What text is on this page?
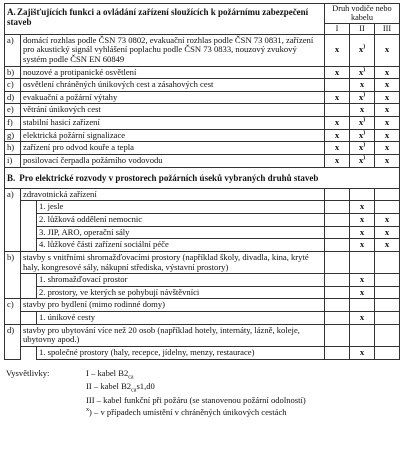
A.Zajišťujících funkci a ovládání zařízení sloužících k požárnímu zabezpečení staveb		Druh vodiče nebo kabelu		
		I	II	III
a)	domácí rozhlas podle ČSN 73 0802, evakuační rozhlas podle ČSN 73 0831, zařízení pro akustický signál vyhlášení poplachu podle ČSN 73 0833, nouzový zvukový systém podle ČSN EN 60849	x	x)	x
b)	nouzové a protipanické osvětlení	x	x)	x
c)	osvětlení chráněných únikových cest a zásahových cest		x	x
d)	evakuační a požární výtahy	x	x)	x
e)	větrání únikových cest		x	x
f)	stabilní hasicí zařízení	x	x)	x
g)	elektrická požární signalizace	x	x)	x
h)	zařízení pro odvod kouře a tepla	x	x)	x
i)	posilovací čerpadla požárního vodovodu	x	x)	x
B. Pro elektrické rozvody v prostorech požárních úseků vybraných druhů staveb					
a)	zdravotnická zařízení				
		1. jesle		x	
		2. lůžková oddělení nemocnic		x	x
		3. JIP, ARO, operační sály		x	x
		4. lůžkové části zařízení sociální péče		x	x
b)	stavby s vnitřními shromažďovacími prostory (například školy, divadla, kina, kryté haly, kongresové sály, nákupní střediska, výstavní prostory)				
		1. shromažďovací prostor		x	
		2. prostory, ve kterých se pohybují návštěvníci		x	
c)	stavby pro bydlení (mimo rodinné domy)				
		1. únikové cesty		x	
d)	stavby pro ubytování více než 20 osob (například hotely, internáty, lázně, koleje, ubytovny apod.)				
		1. společné prostory (haly, recepce, jídelny, menzy, restaurace)		x	
Vysvětlivky:	I – kabel $B2_{ca}$
II – kabel $B2_{ca}s1,d0$
III – kabel funkční při požáru (se stanovenou požární odolností)
$^x$) – v případech umístění v chráněných únikových cestách
